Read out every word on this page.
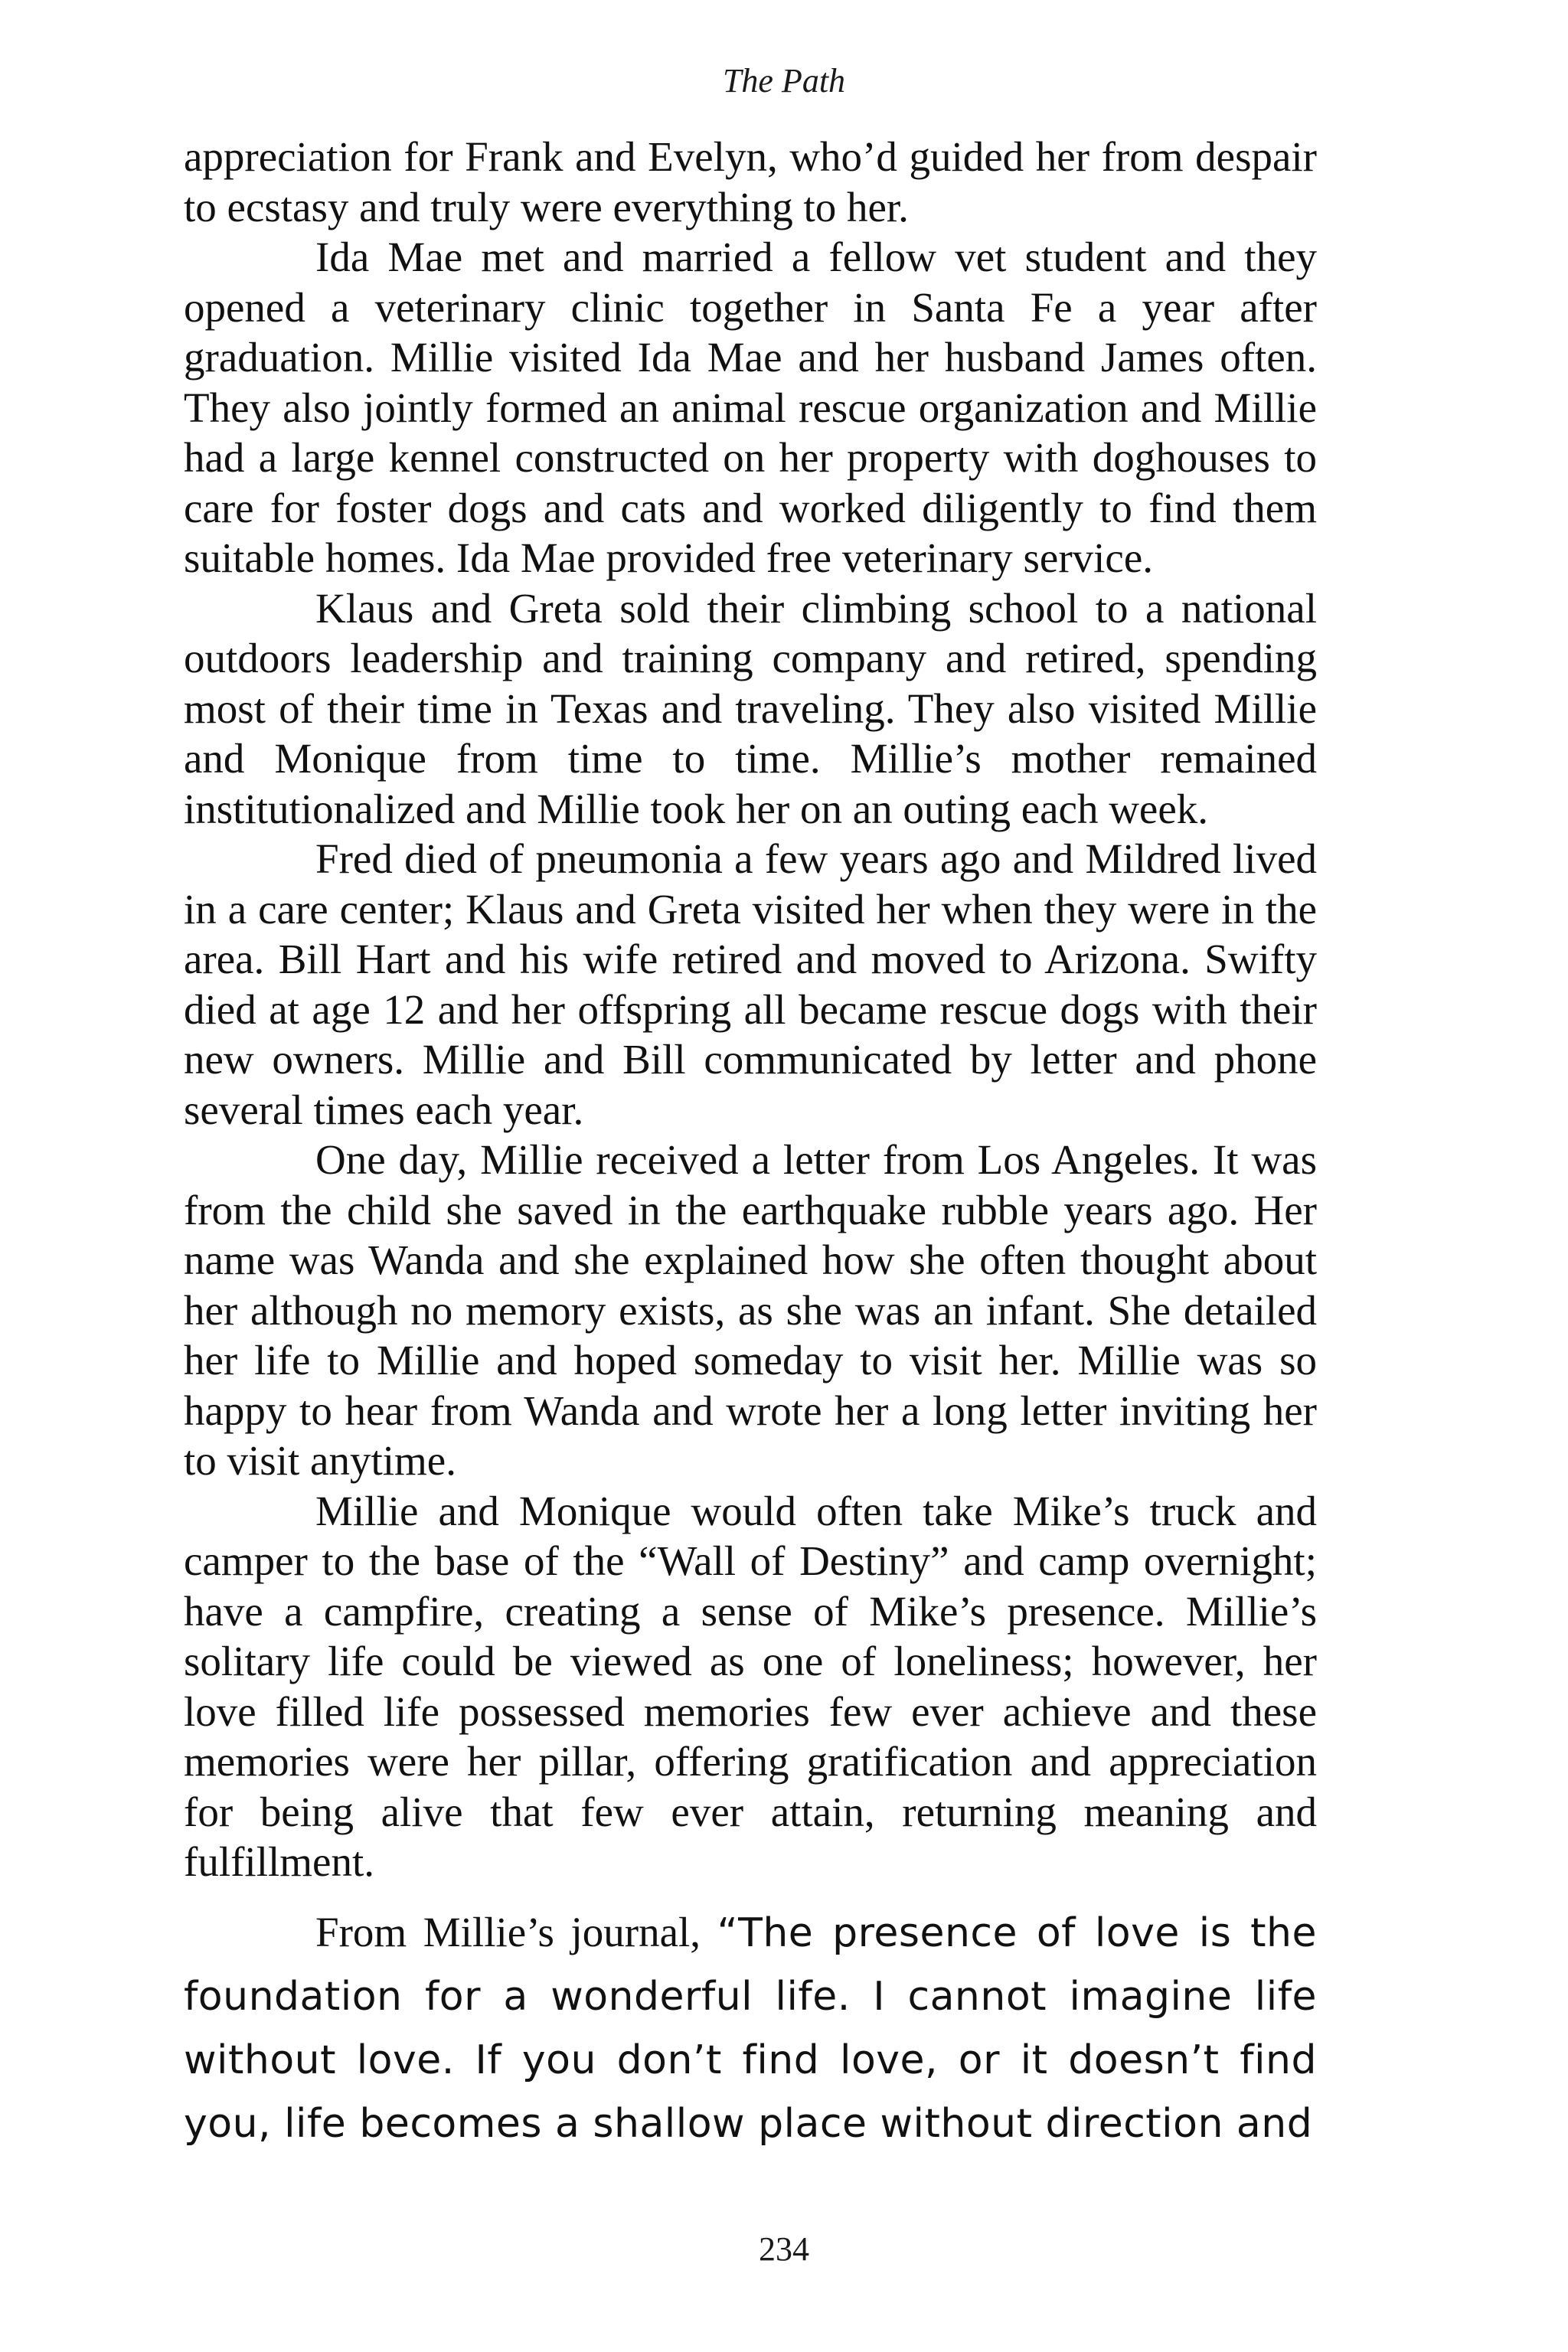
The Path

appreciation for Frank and Evelyn, who’d guided her from despair to ecstasy and truly were everything to her.

Ida Mae met and married a fellow vet student and they opened a veterinary clinic together in Santa Fe a year after graduation. Millie visited Ida Mae and her husband James often. They also jointly formed an animal rescue organization and Millie had a large kennel constructed on her property with doghouses to care for foster dogs and cats and worked diligently to find them suitable homes. Ida Mae provided free veterinary service.

Klaus and Greta sold their climbing school to a national outdoors leadership and training company and retired, spending most of their time in Texas and traveling. They also visited Millie and Monique from time to time. Millie’s mother remained institutionalized and Millie took her on an outing each week.

Fred died of pneumonia a few years ago and Mildred lived in a care center; Klaus and Greta visited her when they were in the area. Bill Hart and his wife retired and moved to Arizona. Swifty died at age 12 and her offspring all became rescue dogs with their new owners. Millie and Bill communicated by letter and phone several times each year.

One day, Millie received a letter from Los Angeles. It was from the child she saved in the earthquake rubble years ago. Her name was Wanda and she explained how she often thought about her although no memory exists, as she was an infant. She detailed her life to Millie and hoped someday to visit her. Millie was so happy to hear from Wanda and wrote her a long letter inviting her to visit anytime.

Millie and Monique would often take Mike’s truck and camper to the base of the “Wall of Destiny” and camp overnight; have a campfire, creating a sense of Mike’s presence. Millie’s solitary life could be viewed as one of loneliness; however, her love filled life possessed memories few ever achieve and these memories were her pillar, offering gratification and appreciation for being alive that few ever attain, returning meaning and fulfillment.

From Millie’s journal, “The presence of love is the foundation for a wonderful life. I cannot imagine life without love. If you don’t find love, or it doesn’t find you, life becomes a shallow place without direction and

234
